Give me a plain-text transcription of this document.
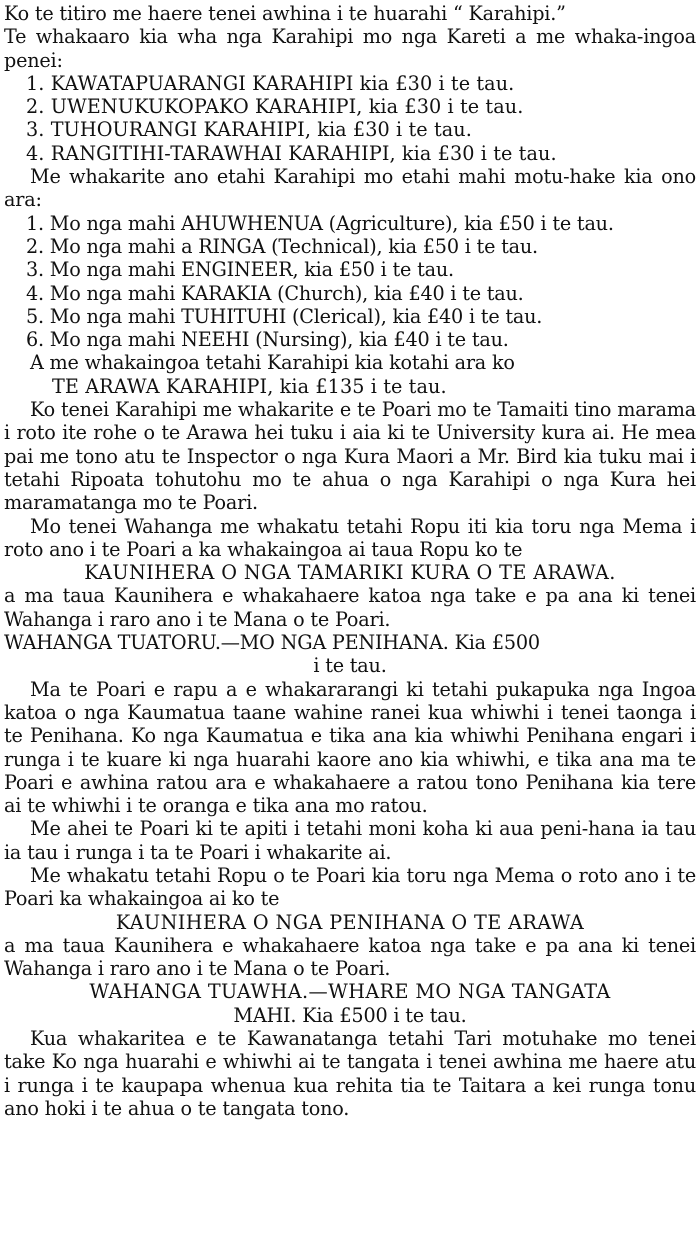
Ko te titiro me haere tenei awhina i te huarahi “ Karahipi.”

Te whakaaro kia wha nga Karahipi mo nga Kareti a me whaka-ingoa penei:

1. KAWATAPUARANGI KARAHIPI kia £30 i te tau.

2. UWENUKUKOPAKO KARAHIPI, kia £30 i te tau.

3. TUHOURANGI KARAHIPI, kia £30 i te tau.

4. RANGITIHI-TARAWHAI KARAHIPI, kia £30 i te tau.

Me whakarite ano etahi Karahipi mo etahi mahi motu-hake kia ono ara:

1. Mo nga mahi AHUWHENUA (Agriculture), kia £50 i te tau.

2. Mo nga mahi a RINGA (Technical), kia £50 i te tau.

3. Mo nga mahi ENGINEER, kia £50 i te tau.

4. Mo nga mahi KARAKIA (Church), kia £40 i te tau.

5. Mo nga mahi TUHITUHI (Clerical), kia £40 i te tau.

6. Mo nga mahi NEEHI (Nursing), kia £40 i te tau.

A me whakaingoa tetahi Karahipi kia kotahi ara ko

TE ARAWA KARAHIPI, kia £135 i te tau.

Ko tenei Karahipi me whakarite e te Poari mo te Tamaiti tino marama i roto ite rohe o te Arawa hei tuku i aia ki te University kura ai. He mea pai me tono atu te Inspector o nga Kura Maori a Mr. Bird kia tuku mai i tetahi Ripoata tohutohu mo te ahua o nga Karahipi o nga Kura hei maramatanga mo te Poari.

Mo tenei Wahanga me whakatu tetahi Ropu iti kia toru nga Mema i roto ano i te Poari a ka whakaingoa ai taua Ropu ko te

KAUNIHERA O NGA TAMARIKI KURA O TE ARAWA.

a ma taua Kaunihera e whakahaere katoa nga take e pa ana ki tenei Wahanga i raro ano i te Mana o te Poari.

WAHANGA TUATORU.—MO NGA PENIHANA. Kia £500

i te tau.

Ma te Poari e rapu a e whakararangi ki tetahi pukapuka nga Ingoa katoa o nga Kaumatua taane wahine ranei kua whiwhi i tenei taonga i te Penihana. Ko nga Kaumatua e tika ana kia whiwhi Penihana engari i runga i te kuare ki nga huarahi kaore ano kia whiwhi, e tika ana ma te Poari e awhina ratou ara e whakahaere a ratou tono Penihana kia tere ai te whiwhi i te oranga e tika ana mo ratou.

Me ahei te Poari ki te apiti i tetahi moni koha ki aua peni-hana ia tau ia tau i runga i ta te Poari i whakarite ai.

Me whakatu tetahi Ropu o te Poari kia toru nga Mema o roto ano i te Poari ka whakaingoa ai ko te

KAUNIHERA O NGA PENIHANA O TE ARAWA

a ma taua Kaunihera e whakahaere katoa nga take e pa ana ki tenei Wahanga i raro ano i te Mana o te Poari.

WAHANGA TUAWHA.—WHARE MO NGA TANGATA

MAHI. Kia £500 i te tau.

Kua whakaritea e te Kawanatanga tetahi Tari motuhake mo tenei take Ko nga huarahi e whiwhi ai te tangata i tenei awhina me haere atu i runga i te kaupapa whenua kua rehita tia te Taitara a kei runga tonu ano hoki i te ahua o te tangata tono.
